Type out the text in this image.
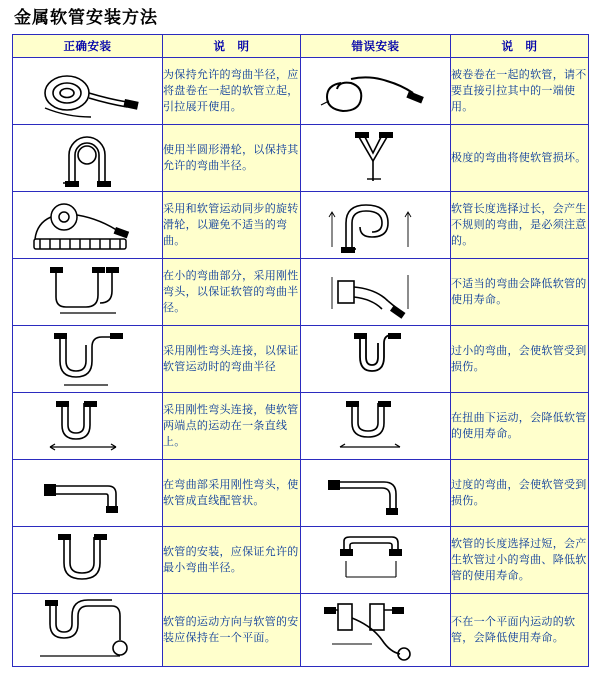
金属软管安装方法
正确安装	说　明	错误安装	说　明

	为保持允许的弯曲半径，应将盘卷在一起的软管立起，引拉展开使用。		被卷卷在一起的软管，请不要直接引拉其中的一端使用。

	使用半圆形滑轮，以保持其允许的弯曲半径。		极度的弯曲将使软管损坏。

	采用和软管运动同步的旋转滑轮，以避免不适当的弯曲。		软管长度选择过长，会产生不规则的弯曲，是必须注意的。

	在小的弯曲部分，采用刚性弯头，以保证软管的弯曲半径。		不适当的弯曲会降低软管的使用寿命。

	采用刚性弯头连接，以保证软管运动时的弯曲半径		过小的弯曲，会使软管受到损伤。

	采用刚性弯头连接，使软管两端点的运动在一条直线上。		在扭曲下运动，会降低软管的使用寿命。

	在弯曲部采用刚性弯头，使软管成直线配管状。		过度的弯曲，会使软管受到损伤。

	软管的安装，应保证允许的最小弯曲半径。		软管的长度选择过短，会产生软管过小的弯曲、降低软管的使用寿命。

	软管的运动方向与软管的安装应保持在一个平面。		不在一个平面内运动的软管，会降低使用寿命。
